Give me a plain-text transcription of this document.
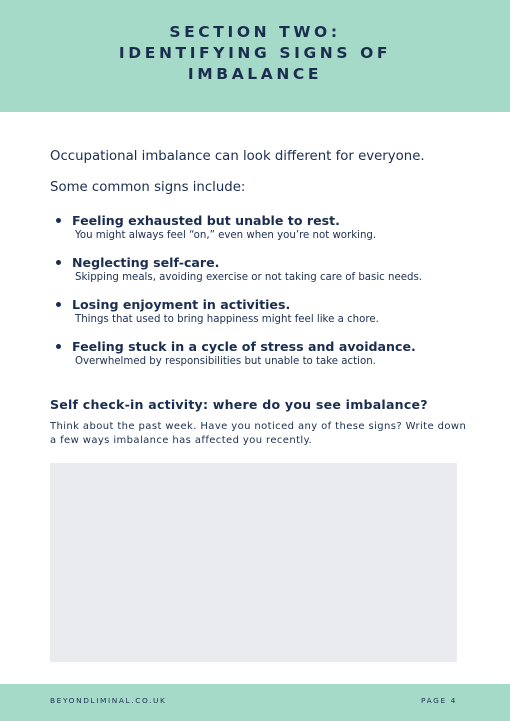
SECTION TWO:
IDENTIFYING SIGNS OF
IMBALANCE

Occupational imbalance can look different for everyone.

Some common signs include:

Feeling exhausted but unable to rest.
You might always feel “on,” even when you’re not working.
Neglecting self-care.
Skipping meals, avoiding exercise or not taking care of basic needs.
Losing enjoyment in activities.
Things that used to bring happiness might feel like a chore.
Feeling stuck in a cycle of stress and avoidance.
Overwhelmed by responsibilities but unable to take action.
Self check-in activity: where do you see imbalance?

Think about the past week. Have you noticed any of these signs? Write down a few ways imbalance has affected you recently.

BEYONDLIMINAL.CO.UK	PAGE 4
